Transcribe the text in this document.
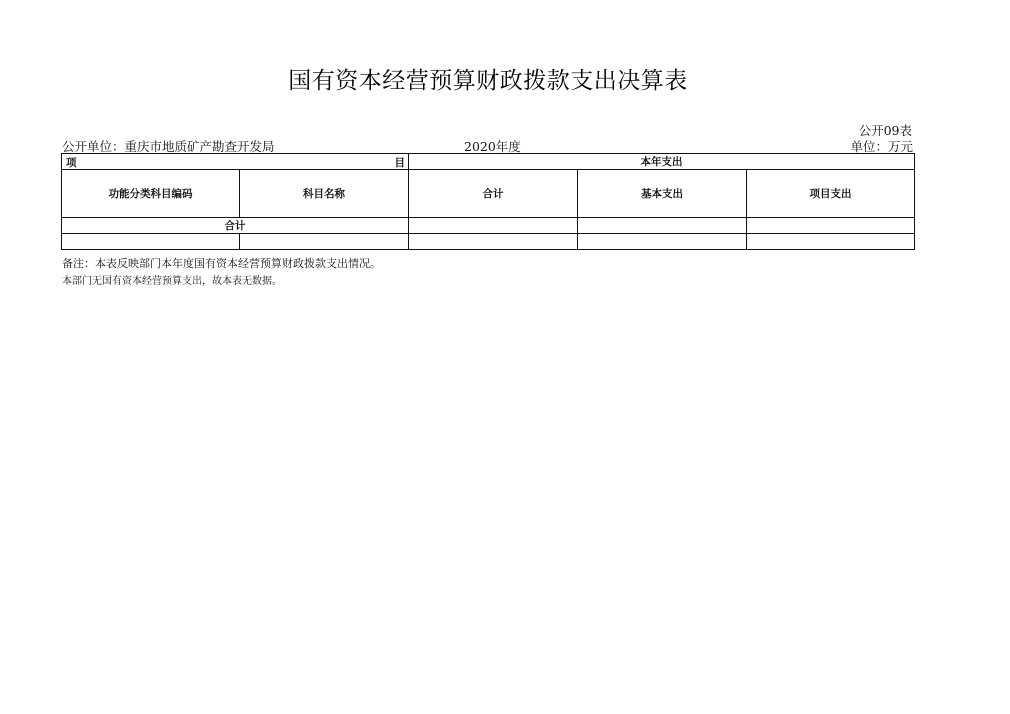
国有资本经营预算财政拨款支出决算表
公开09表
公开单位：重庆市地质矿产勘查开发局	2020年度	单位：万元
项 目		本年支出		
功能分类科目编码	科目名称	合计	基本支出	项目支出
合计				

备注：本表反映部门本年度国有资本经营预算财政拨款支出情况。
本部门无国有资本经营预算支出，故本表无数据。
